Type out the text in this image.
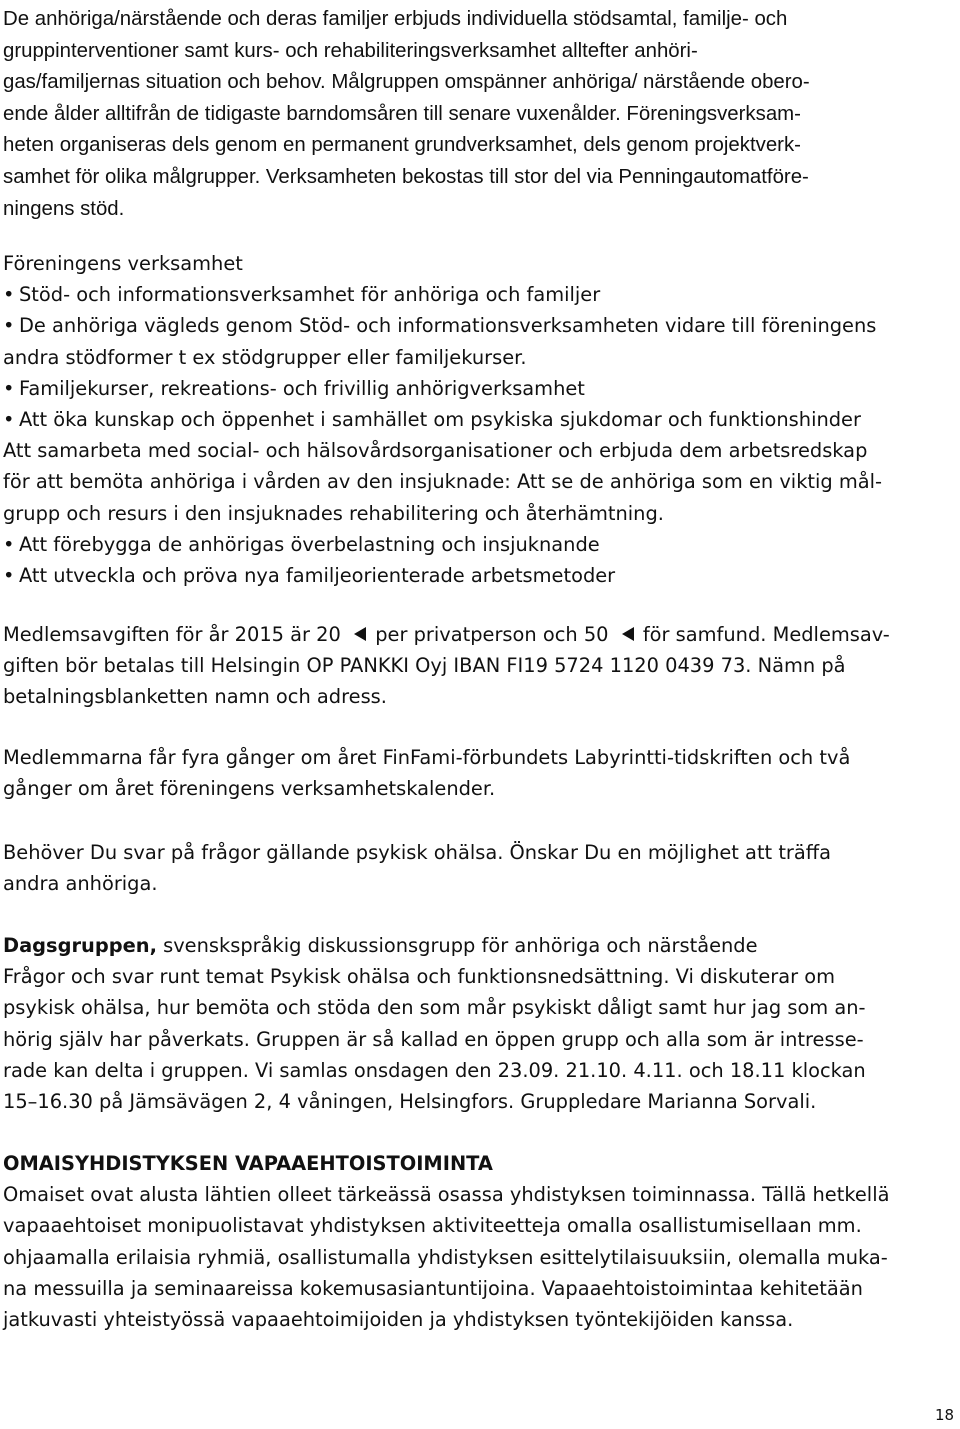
De anhöriga/närstående och deras familjer erbjuds individuella stödsamtal, familje- och
gruppinterventioner samt kurs- och rehabiliteringsverksamhet alltefter anhöri-
gas/familjernas situation och behov. Målgruppen omspänner anhöriga/ närstående obero-
ende ålder alltifrån de tidigaste barndomsåren till senare vuxenålder. Föreningsverksam-
heten organiseras dels genom en permanent grundverksamhet, dels genom projektverk-
samhet för olika målgrupper. Verksamheten bekostas till stor del via Penningautomatföre-
ningens stöd.
Föreningens verksamhet
• Stöd- och informationsverksamhet för anhöriga och familjer
• De anhöriga vägleds genom Stöd- och informationsverksamheten vidare till föreningens
andra stödformer t ex stödgrupper eller familjekurser.
• Familjekurser, rekreations- och frivillig anhörigverksamhet
• Att öka kunskap och öppenhet i samhället om psykiska sjukdomar och funktionshinder
Att samarbeta med social- och hälsovårdsorganisationer och erbjuda dem arbetsredskap
för att bemöta anhöriga i vården av den insjuknade: Att se de anhöriga som en viktig mål-
grupp och resurs i den insjuknades rehabilitering och återhämtning.
• Att förebygga de anhörigas överbelastning och insjuknande
• Att utveckla och pröva nya familjeorienterade arbetsmetoder
Medlemsavgiften för år 2015 är 20 per privatperson och 50 för samfund. Medlemsav-
giften bör betalas till Helsingin OP PANKKI Oyj IBAN FI19 5724 1120 0439 73. Nämn på
betalningsblanketten namn och adress.
Medlemmarna får fyra gånger om året FinFami-förbundets Labyrintti-tidskriften och två
gånger om året föreningens verksamhetskalender.
Behöver Du svar på frågor gällande psykisk ohälsa. Önskar Du en möjlighet att träffa
andra anhöriga.
Dagsgruppen, svenskspråkig diskussionsgrupp för anhöriga och närstående
Frågor och svar runt temat Psykisk ohälsa och funktionsnedsättning. Vi diskuterar om
psykisk ohälsa, hur bemöta och stöda den som mår psykiskt dåligt samt hur jag som an-
hörig själv har påverkats. Gruppen är så kallad en öppen grupp och alla som är intresse-
rade kan delta i gruppen. Vi samlas onsdagen den 23.09. 21.10. 4.11. och 18.11 klockan
15–16.30 på Jämsävägen 2, 4 våningen, Helsingfors. Gruppledare Marianna Sorvali.
OMAISYHDISTYKSEN VAPAAEHTOISTOIMINTA
Omaiset ovat alusta lähtien olleet tärkeässä osassa yhdistyksen toiminnassa. Tällä hetkellä
vapaaehtoiset monipuolistavat yhdistyksen aktiviteetteja omalla osallistumisellaan mm.
ohjaamalla erilaisia ryhmiä, osallistumalla yhdistyksen esittelytilaisuuksiin, olemalla muka-
na messuilla ja seminaareissa kokemusasiantuntijoina. Vapaaehtoistoimintaa kehitetään
jatkuvasti yhteistyössä vapaaehtoimijoiden ja yhdistyksen työntekijöiden kanssa.
18
